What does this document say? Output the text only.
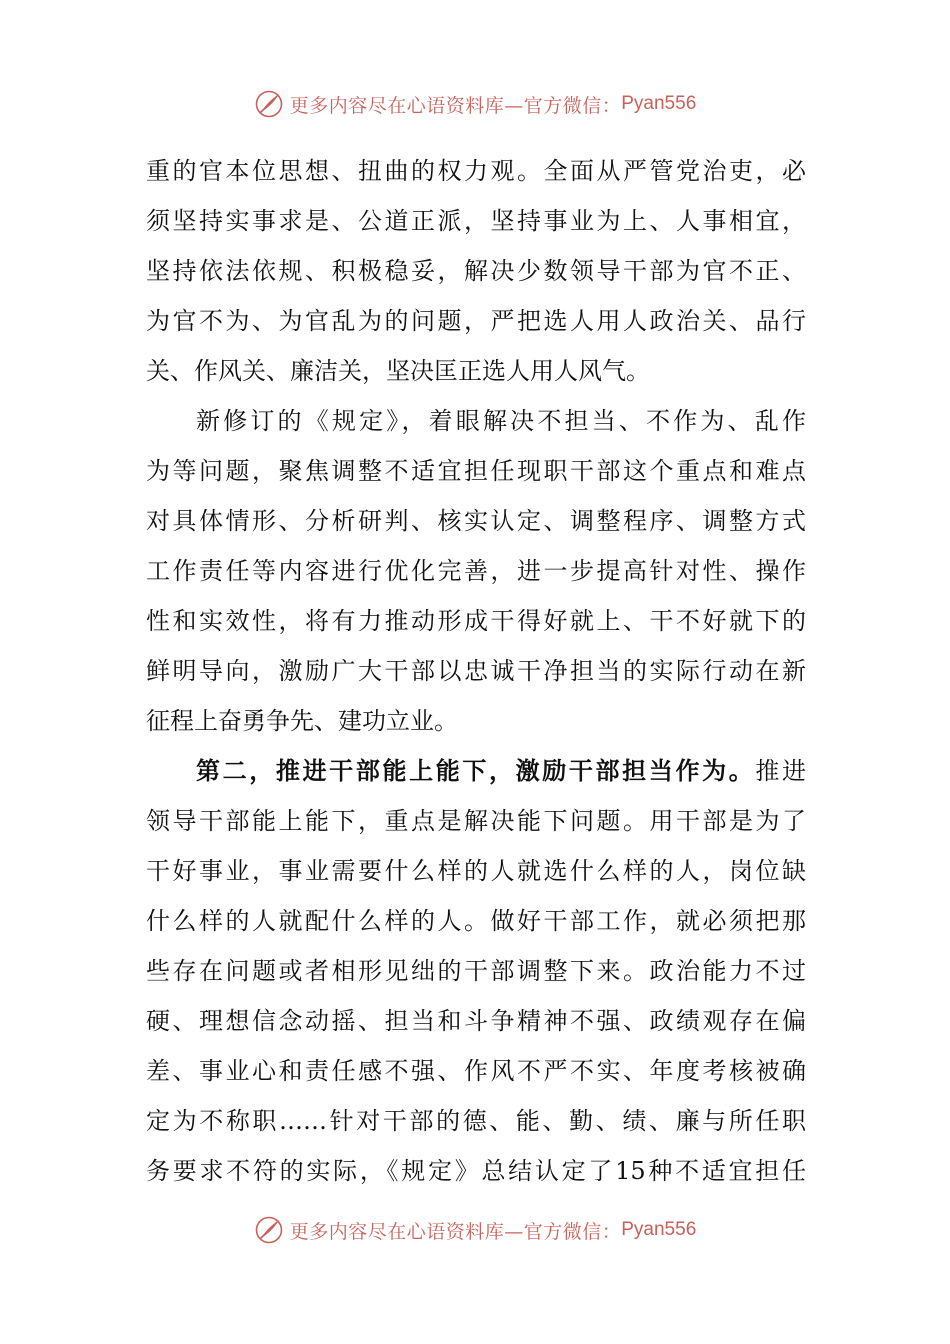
更多内容尽在心语资料库—官方微信： Pyan556
重的官本位思想、扭曲的权力观。全面从严管党治吏，必
须坚持实事求是、公道正派，坚持事业为上、人事相宜，
坚持依法依规、积极稳妥，解决少数领导干部为官不正、
为官不为、为官乱为的问题，严把选人用人政治关、品行
关、作风关、廉洁关，坚决匡正选人用人风气。
新修订的《规定》，着眼解决不担当、不作为、乱作
为等问题，聚焦调整不适宜担任现职干部这个重点和难点
对具体情形、分析研判、核实认定、调整程序、调整方式
工作责任等内容进行优化完善，进一步提高针对性、操作
性和实效性，将有力推动形成干得好就上、干不好就下的
鲜明导向，激励广大干部以忠诚干净担当的实际行动在新
征程上奋勇争先、建功立业。
第二，推进干部能上能下，激励干部担当作为。推进
领导干部能上能下，重点是解决能下问题。用干部是为了
干好事业，事业需要什么样的人就选什么样的人，岗位缺
什么样的人就配什么样的人。做好干部工作，就必须把那
些存在问题或者相形见绌的干部调整下来。政治能力不过
硬、理想信念动摇、担当和斗争精神不强、政绩观存在偏
差、事业心和责任感不强、作风不严不实、年度考核被确
定为不称职……针对干部的德、能、勤、绩、廉与所任职
务要求不符的实际，《规定》总结认定了15种不适宜担任
更多内容尽在心语资料库—官方微信： Pyan556
